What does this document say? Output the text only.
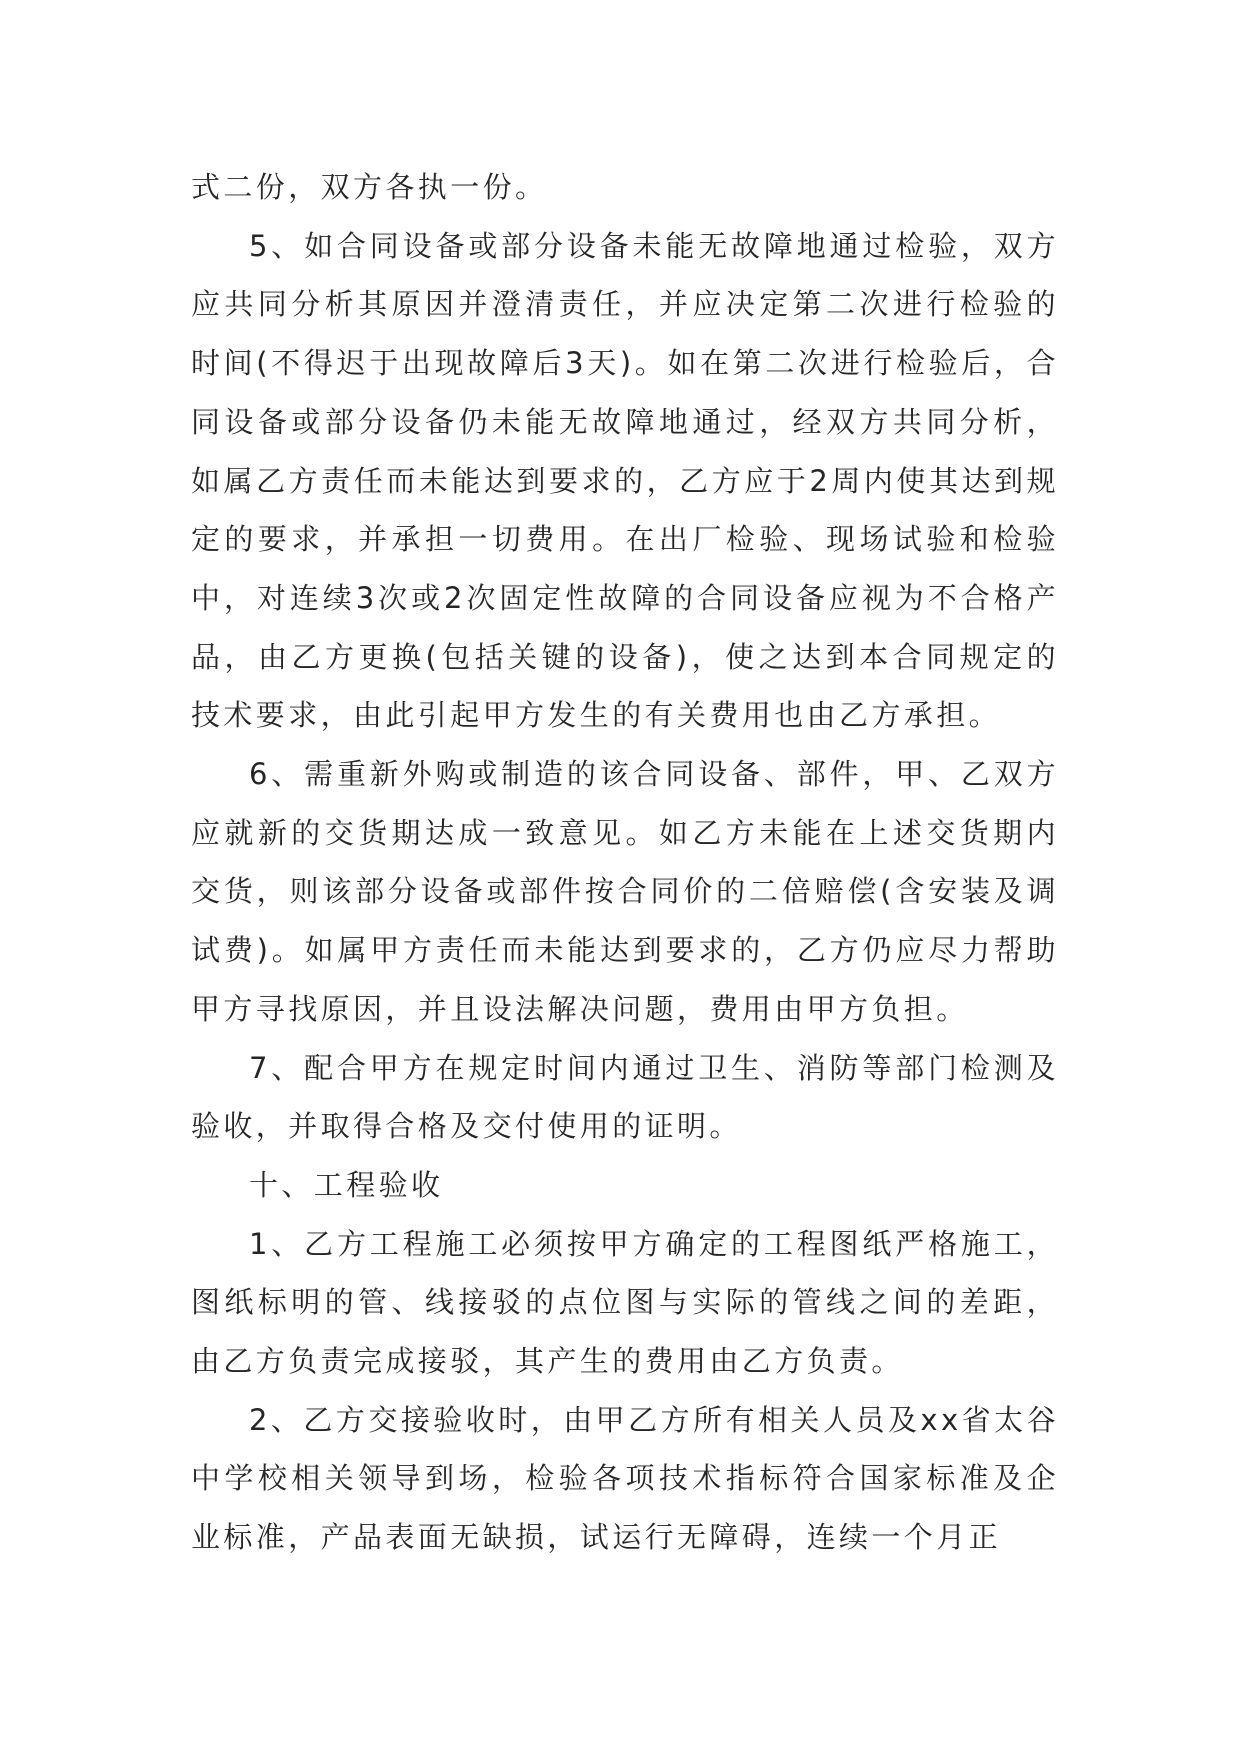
式二份，双方各执一份。

5、如合同设备或部分设备未能无故障地通过检验，双方应共同分析其原因并澄清责任，并应决定第二次进行检验的时间(不得迟于出现故障后3天)。如在第二次进行检验后，合同设备或部分设备仍未能无故障地通过，经双方共同分析，如属乙方责任而未能达到要求的，乙方应于2周内使其达到规定的要求，并承担一切费用。在出厂检验、现场试验和检验中，对连续3次或2次固定性故障的合同设备应视为不合格产品，由乙方更换(包括关键的设备)，使之达到本合同规定的技术要求，由此引起甲方发生的有关费用也由乙方承担。

6、需重新外购或制造的该合同设备、部件，甲、乙双方应就新的交货期达成一致意见。如乙方未能在上述交货期内交货，则该部分设备或部件按合同价的二倍赔偿(含安装及调试费)。如属甲方责任而未能达到要求的，乙方仍应尽力帮助甲方寻找原因，并且设法解决问题，费用由甲方负担。

7、配合甲方在规定时间内通过卫生、消防等部门检测及验收，并取得合格及交付使用的证明。

十、工程验收

1、乙方工程施工必须按甲方确定的工程图纸严格施工，图纸标明的管、线接驳的点位图与实际的管线之间的差距，由乙方负责完成接驳，其产生的费用由乙方负责。

2、乙方交接验收时，由甲乙方所有相关人员及xx省太谷中学校相关领导到场，检验各项技术指标符合国家标准及企业标准，产品表面无缺损，试运行无障碍，连续一个月正
